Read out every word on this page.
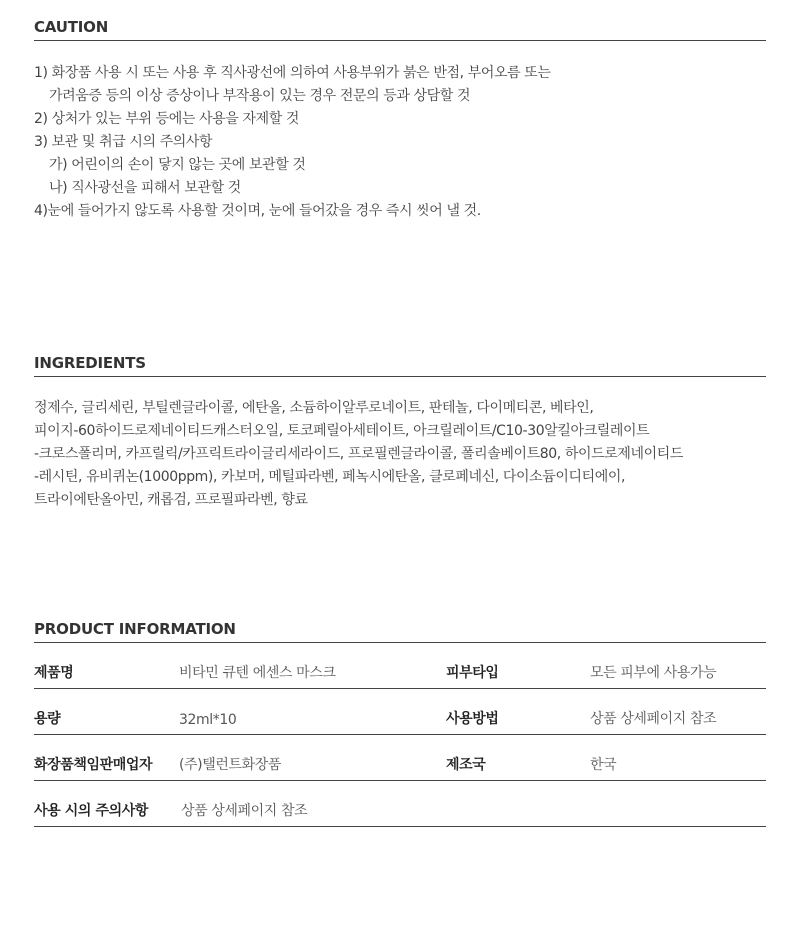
CAUTION
1) 화장품 사용 시 또는 사용 후 직사광선에 의하여 사용부위가 붉은 반점, 부어오름 또는
가려움증 등의 이상 증상이나 부작용이 있는 경우 전문의 등과 상담할 것
2) 상처가 있는 부위 등에는 사용을 자제할 것
3) 보관 및 취급 시의 주의사항
가) 어린이의 손이 닿지 않는 곳에 보관할 것
나) 직사광선을 피해서 보관할 것
4)눈에 들어가지 않도록 사용할 것이며, 눈에 들어갔을 경우 즉시 씻어 낼 것.
INGREDIENTS
정제수, 글리세린, 부틸렌글라이콜, 에탄올, 소듐하이알루로네이트, 판테놀, 다이메티콘, 베타인,
피이지-60하이드로제네이티드캐스터오일, 토코페릴아세테이트, 아크릴레이트/C10-30알킬아크릴레이트
-크로스폴리머, 카프릴릭/카프릭트라이글리세라이드, 프로필렌글라이콜, 폴리솔베이트80, 하이드로제네이티드
-레시틴, 유비퀴논(1000ppm), 카보머, 메틸파라벤, 페녹시에탄올, 클로페네신, 다이소듐이디티에이,
트라이에탄올아민, 캐롭검, 프로필파라벤, 향료
PRODUCT INFORMATION
제품명	비타민 큐텐 에센스 마스크	피부타입	모든 피부에 사용가능
용량	32ml*10	사용방법	상품 상세페이지 참조
화장품책임판매업자 (주)탤런트화장품	제조국	한국
사용 시의 주의사항 상품 상세페이지 참조
